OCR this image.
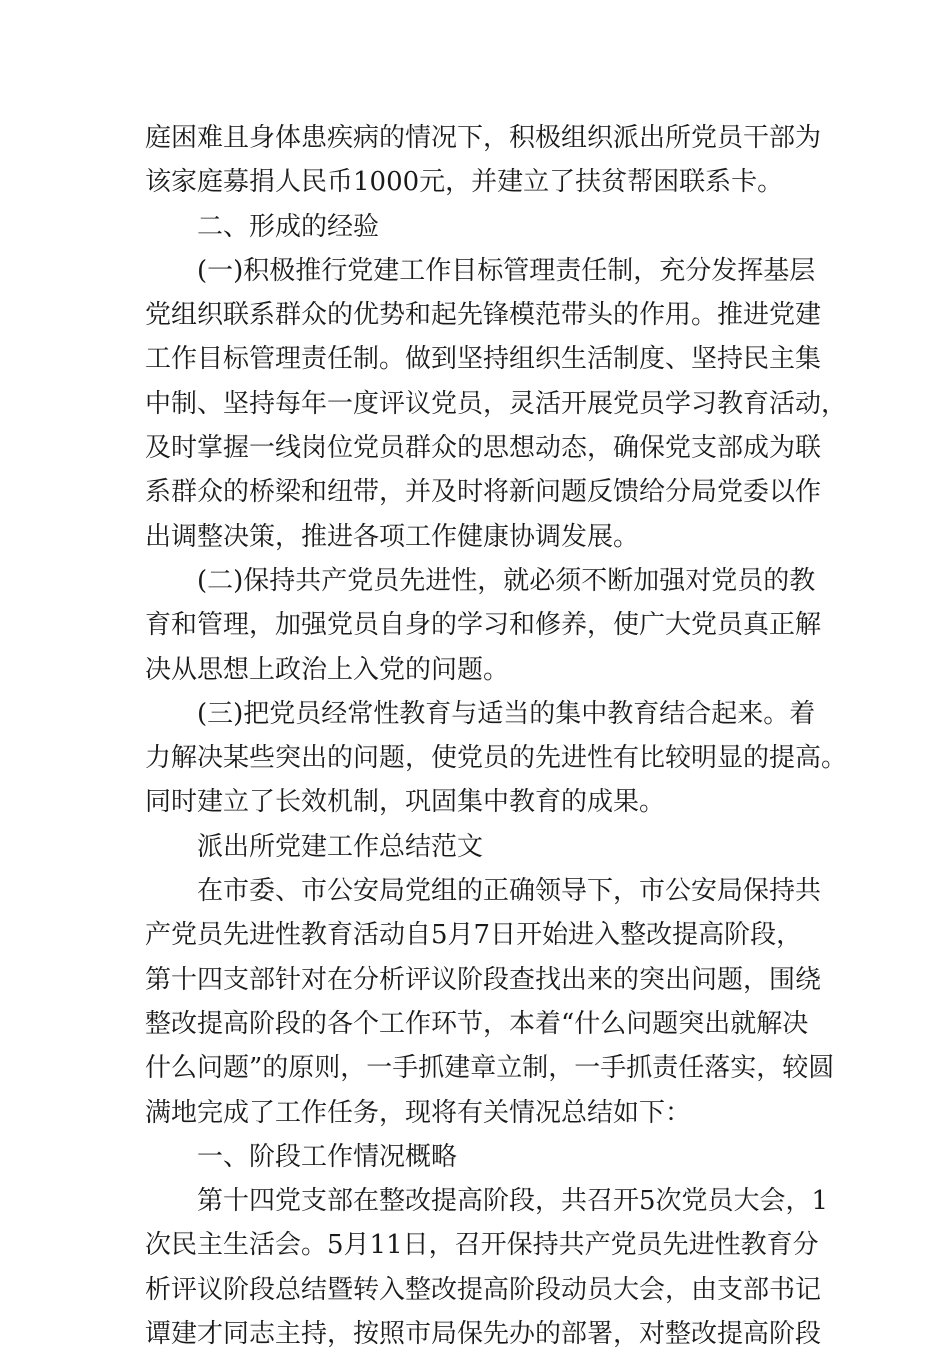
庭困难且身体患疾病的情况下，积极组织派出所党员干部为
该家庭募捐人民币1000元，并建立了扶贫帮困联系卡。
二、形成的经验
(一)积极推行党建工作目标管理责任制，充分发挥基层
党组织联系群众的优势和起先锋模范带头的作用。推进党建
工作目标管理责任制。做到坚持组织生活制度、坚持民主集
中制、坚持每年一度评议党员，灵活开展党员学习教育活动，
及时掌握一线岗位党员群众的思想动态，确保党支部成为联
系群众的桥梁和纽带，并及时将新问题反馈给分局党委以作
出调整决策，推进各项工作健康协调发展。
(二)保持共产党员先进性，就必须不断加强对党员的教
育和管理，加强党员自身的学习和修养，使广大党员真正解
决从思想上政治上入党的问题。
(三)把党员经常性教育与适当的集中教育结合起来。着
力解决某些突出的问题，使党员的先进性有比较明显的提高。
同时建立了长效机制，巩固集中教育的成果。
派出所党建工作总结范文
在市委、市公安局党组的正确领导下，市公安局保持共
产党员先进性教育活动自5月7日开始进入整改提高阶段，
第十四支部针对在分析评议阶段查找出来的突出问题，围绕
整改提高阶段的各个工作环节，本着“什么问题突出就解决
什么问题”的原则，一手抓建章立制，一手抓责任落实，较圆
满地完成了工作任务，现将有关情况总结如下：
一、阶段工作情况概略
第十四党支部在整改提高阶段，共召开5次党员大会，1
次民主生活会。5月11日，召开保持共产党员先进性教育分
析评议阶段总结暨转入整改提高阶段动员大会，由支部书记
谭建才同志主持，按照市局保先办的部署，对整改提高阶段
